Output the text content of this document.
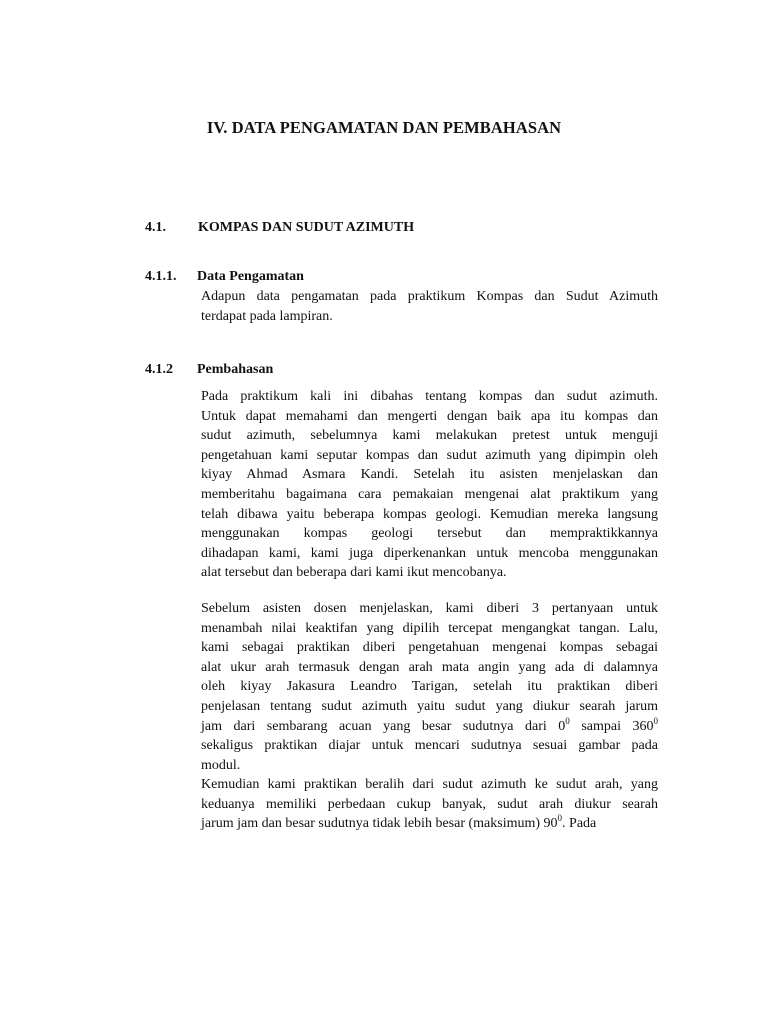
IV. DATA PENGAMATAN DAN PEMBAHASAN
4.1. KOMPAS DAN SUDUT AZIMUTH
4.1.1. Data Pengamatan
Adapun data pengamatan pada praktikum Kompas dan Sudut Azimuth
terdapat pada lampiran.
4.1.2 Pembahasan
Pada praktikum kali ini dibahas tentang kompas dan sudut azimuth.
Untuk dapat memahami dan mengerti dengan baik apa itu kompas dan
sudut azimuth, sebelumnya kami melakukan pretest untuk menguji
pengetahuan kami seputar kompas dan sudut azimuth yang dipimpin oleh
kiyay Ahmad Asmara Kandi. Setelah itu asisten menjelaskan dan
memberitahu bagaimana cara pemakaian mengenai alat praktikum yang
telah dibawa yaitu beberapa kompas geologi. Kemudian mereka langsung
menggunakan kompas geologi tersebut dan mempraktikkannya
dihadapan kami, kami juga diperkenankan untuk mencoba menggunakan
alat tersebut dan beberapa dari kami ikut mencobanya.
Sebelum asisten dosen menjelaskan, kami diberi 3 pertanyaan untuk
menambah nilai keaktifan yang dipilih tercepat mengangkat tangan. Lalu,
kami sebagai praktikan diberi pengetahuan mengenai kompas sebagai
alat ukur arah termasuk dengan arah mata angin yang ada di dalamnya
oleh kiyay Jakasura Leandro Tarigan, setelah itu praktikan diberi
penjelasan tentang sudut azimuth yaitu sudut yang diukur searah jarum
jam dari sembarang acuan yang besar sudutnya dari $0^0$ sampai $360^0$
sekaligus praktikan diajar untuk mencari sudutnya sesuai gambar pada
modul.
Kemudian kami praktikan beralih dari sudut azimuth ke sudut arah, yang
keduanya memiliki perbedaan cukup banyak, sudut arah diukur searah
jarum jam dan besar sudutnya tidak lebih besar (maksimum) $90^0$. Pada
